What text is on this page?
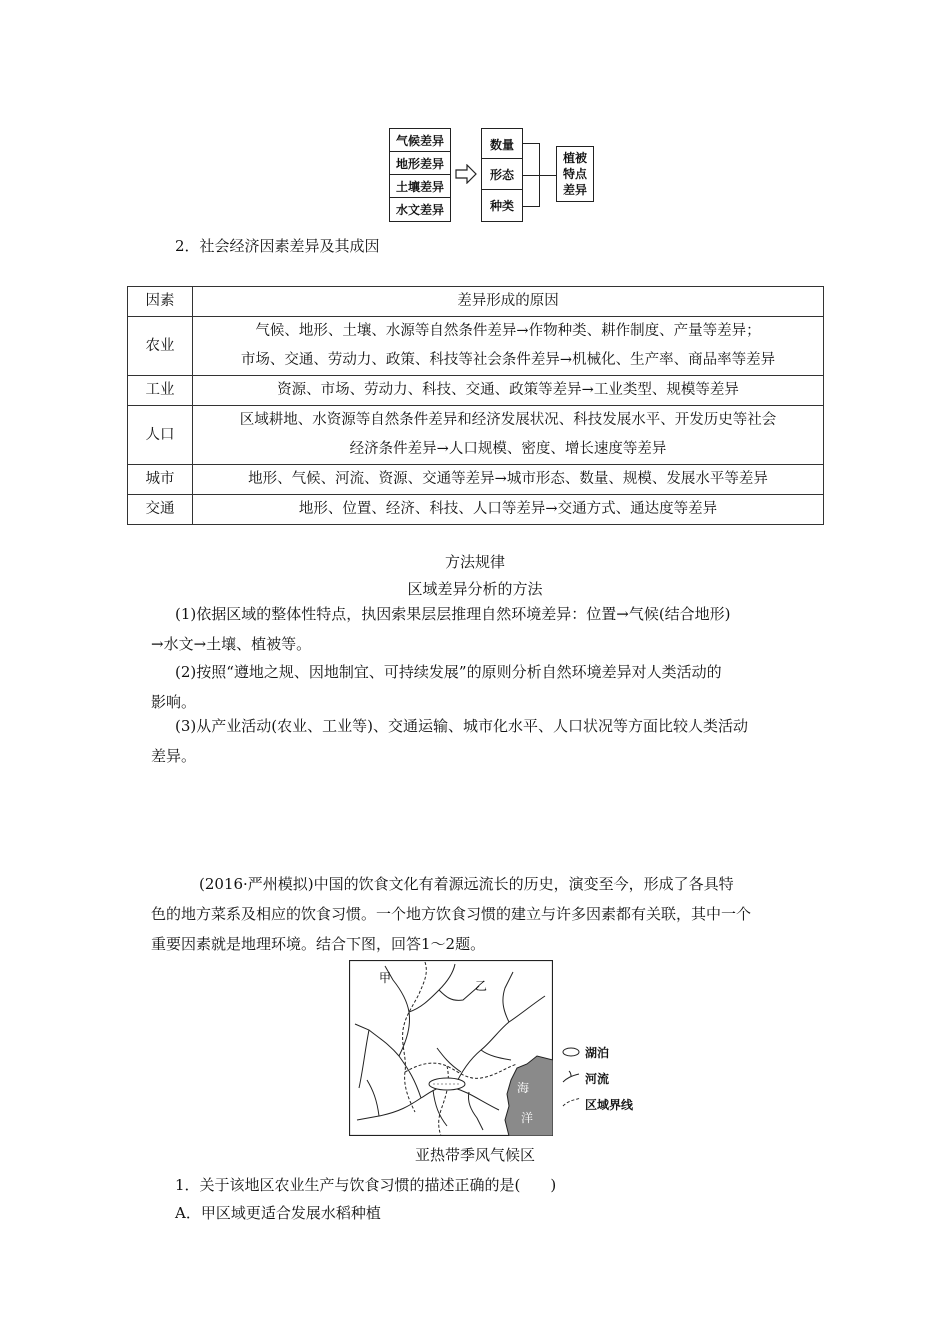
气候差异
地形差异
土壤差异
水文差异
数量
形态
种类
植被
特点
差异
2．社会经济因素差异及其成因
因素	差异形成的原因
农业	气候、地形、土壤、水源等自然条件差异→作物种类、耕作制度、产量等差异；
市场、交通、劳动力、政策、科技等社会条件差异→机械化、生产率、商品率等差异

工业	资源、市场、劳动力、科技、交通、政策等差异→工业类型、规模等差异

人口	区域耕地、水资源等自然条件差异和经济发展状况、科技发展水平、开发历史等社会
经济条件差异→人口规模、密度、增长速度等差异

城市	地形、气候、河流、资源、交通等差异→城市形态、数量、规模、发展水平等差异

交通	地形、位置、经济、科技、人口等差异→交通方式、通达度等差异
方法规律
区域差异分析的方法
(1)依据区域的整体性特点，执因索果层层推理自然环境差异：位置→气候(结合地形)
→水文→土壤、植被等。
(2)按照“遵地之规、因地制宜、可持续发展”的原则分析自然环境差异对人类活动的
影响。
(3)从产业活动(农业、工业等)、交通运输、城市化水平、人口状况等方面比较人类活动
差异。
(2016·严州模拟)中国的饮食文化有着源远流长的历史，演变至今，形成了各具特
色的地方菜系及相应的饮食习惯。一个地方饮食习惯的建立与许多因素都有关联，其中一个
重要因素就是地理环境。结合下图，回答1～2题。
甲
乙
海
洋
湖泊
河流
区域界线
亚热带季风气候区
1．关于该地区农业生产与饮食习惯的描述正确的是(　　)
A．甲区域更适合发展水稻种植
